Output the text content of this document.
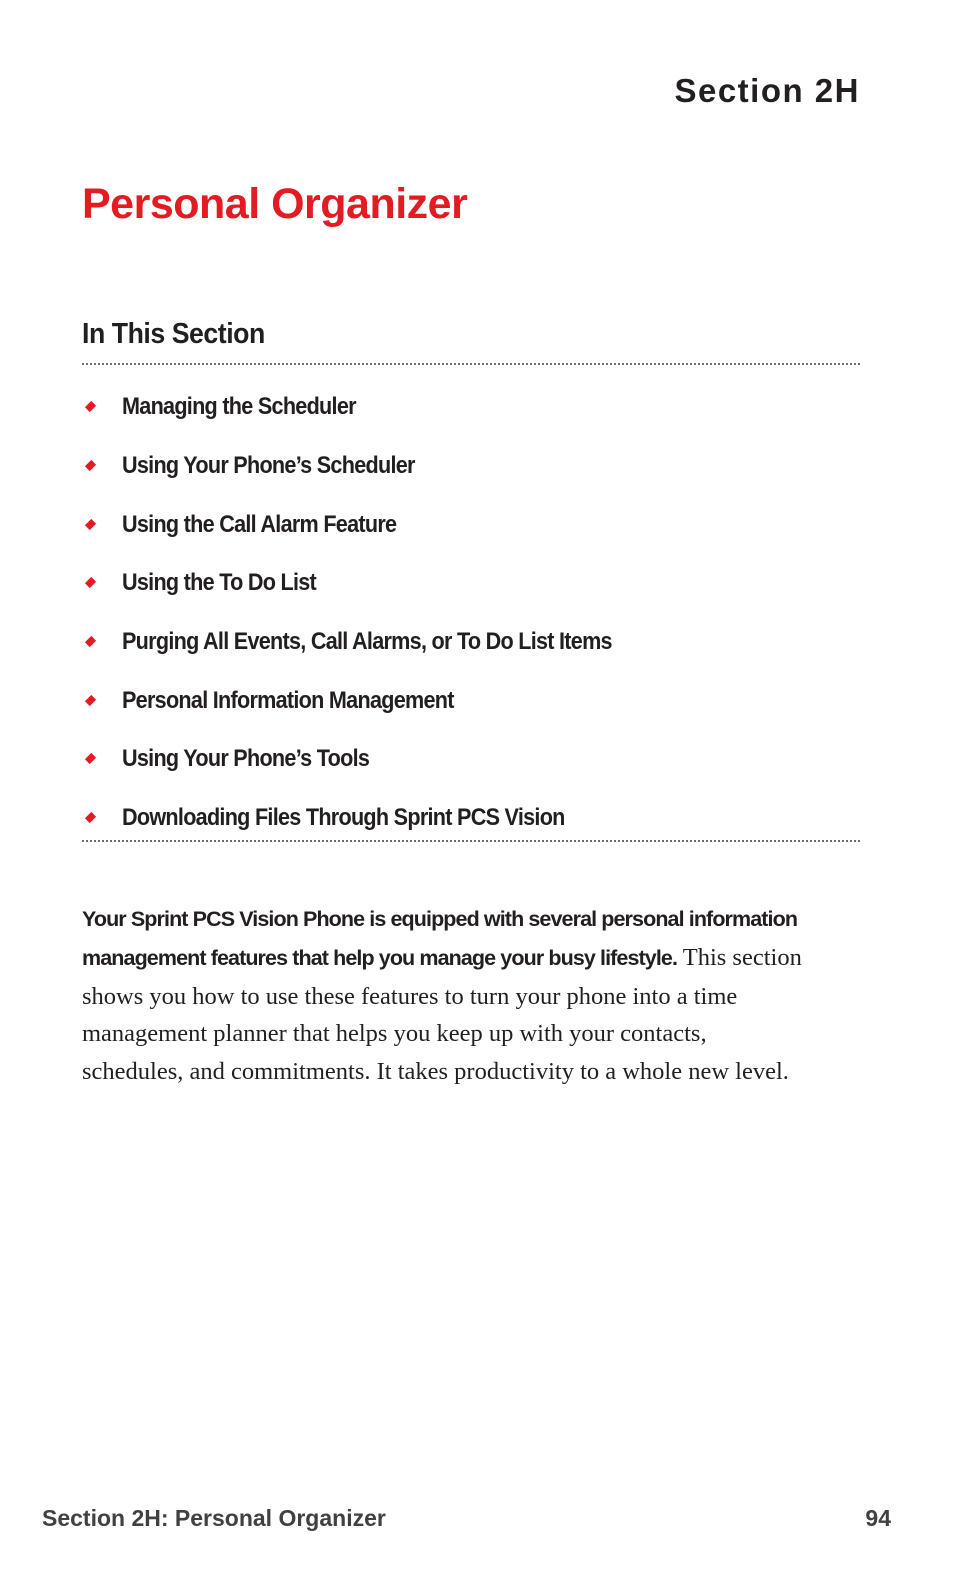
Section 2H
Personal Organizer
In This Section
Managing the Scheduler
Using Your Phone’s Scheduler
Using the Call Alarm Feature
Using the To Do List
Purging All Events, Call Alarms, or To Do List Items
Personal Information Management
Using Your Phone’s Tools
Downloading Files Through Sprint PCS Vision

Your Sprint PCS Vision Phone is equipped with several personal information management features that help you manage your busy lifestyle. This section shows you how to use these features to turn your phone into a time management planner that helps you keep up with your contacts, schedules, and commitments. It takes productivity to a whole new level.

Section 2H: Personal Organizer	94
